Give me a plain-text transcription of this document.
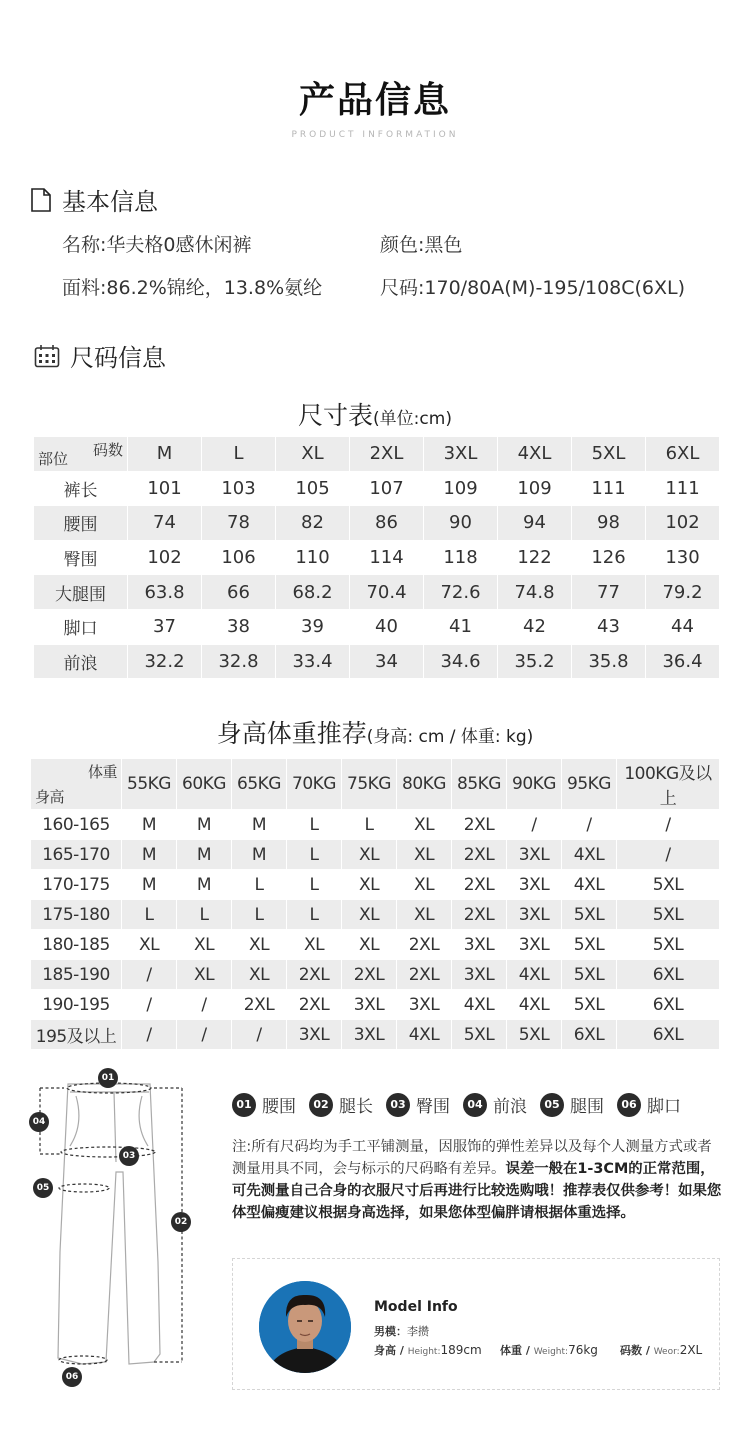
产品信息
PRODUCT INFORMATION
基本信息
名称:华夫格0感休闲裤	颜色:黑色
面料:86.2%锦纶，13.8%氨纶	尺码:170/80A(M)-195/108C(6XL)
尺码信息
尺寸表(单位:cm)
码数
部位	M	L	XL	2XL	3XL	4XL	5XL	6XL
裤长	101	103	105	107	109	109	111	111
腰围	74	78	82	86	90	94	98	102
臀围	102	106	110	114	118	122	126	130
大腿围	63.8	66	68.2	70.4	72.6	74.8	77	79.2
脚口	37	38	39	40	41	42	43	44
前浪	32.2	32.8	33.4	34	34.6	35.2	35.8	36.4
身高体重推荐(身高: cm / 体重: kg)
体重
身高	55KG	60KG	65KG	70KG	75KG	80KG	85KG	90KG	95KG	100KG及以上
160-165	M	M	M	L	L	XL	2XL	/	/	/
165-170	M	M	M	L	XL	XL	2XL	3XL	4XL	/
170-175	M	M	L	L	XL	XL	2XL	3XL	4XL	5XL
175-180	L	L	L	L	XL	XL	2XL	3XL	5XL	5XL
180-185	XL	XL	XL	XL	XL	2XL	3XL	3XL	5XL	5XL
185-190	/	XL	XL	2XL	2XL	2XL	3XL	4XL	5XL	6XL
190-195	/	/	2XL	2XL	3XL	3XL	4XL	4XL	5XL	6XL
195及以上	/	/	/	3XL	3XL	4XL	5XL	5XL	6XL	6XL
01
04
03
05
02
06
01 腰围	02 腿长	03 臀围	04 前浪	05 腿围	06 脚口
注:所有尺码均为手工平铺测量，因服饰的弹性差异以及每个人测量方式或者测量用具不同，会与标示的尺码略有差异。误差一般在1-3CM的正常范围，可先测量自己合身的衣服尺寸后再进行比较选购哦！推荐表仅供参考！如果您体型偏瘦建议根据身高选择，如果您体型偏胖请根据体重选择。
Model Info
男模：李攒
身高 / Height:189cm 体重 / Weight:76kg 码数 / Weor:2XL
